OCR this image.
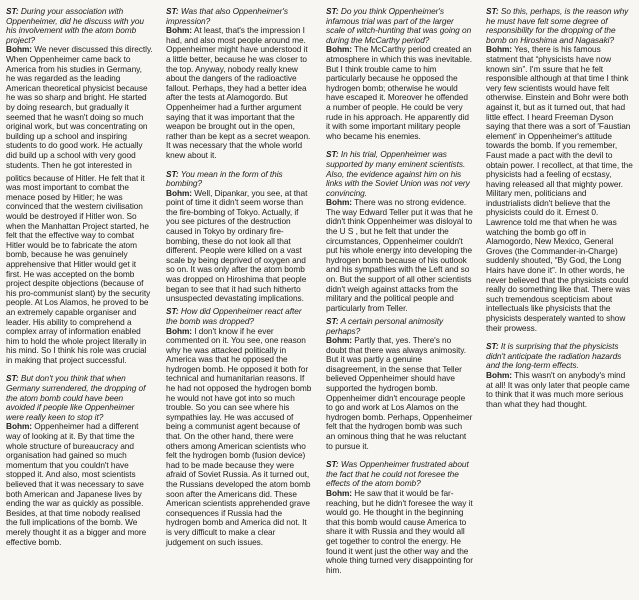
ST: During your association with Oppenheimer, did he discuss with you his involvement with the atom bomb project?

Bohm: We never discussed this directly. When Oppenheimer came back to America from his studies in Germany, he was regarded as the leading American theoretical physicist because he was so sharp and bright. He started by doing research, but gradually it seemed that he wasn't doing so much original work, but was concentrating on building up a school and inspiring students to do good work. He actually did build up a school with very good students. Then he got interested in

politics because of Hitler. He felt that it was most important to combat the menace posed by Hitler; he was convinced that the western civilisation would be destroyed if Hitler won. So when the Manhattan Project started, he felt that the effective way to combat Hitler would be to fabricate the atom bomb, because he was genuinely apprehensive that Hitler would get it first. He was accepted on the bomb project despite objections (because of his pro-communist slant) by the security people. At Los Alamos, he proved to be an extremely capable organiser and leader. His ability to comprehend a complex array of information enabled him to hold the whole project literally in his mind. So I think his role was crucial in making that project successful.

ST: But don't you think that when Germany surrendered, the dropping of the atom bomb could have been avoided if people like Oppenheimer were really keen to stop it?

Bohm: Oppenheimer had a different way of looking at it. By that time the whole structure of bureaucracy and organisation had gained so much momentum that you couldn't have stopped it. And also, most scientists believed that it was necessary to save both American and Japanese lives by ending the war as quickly as possible. Besides, at that time nobody realised the full implications of the bomb. We merely thought it as a bigger and more effective bomb.

ST: Was that also Oppenheimer's impression?

Bohm: At least, that's the impression I had, and also most people around me. Oppenheimer might have understood it a little better, because he was closer to the top. Anyway, nobody really knew about the dangers of the radioactive fallout. Perhaps, they had a better idea after the tests at Alamogordo. But Oppenheimer had a further argument saying that it was important that the weapon be brought out in the open, rather than be kept as a secret weapon. It was necessary that the whole world knew about it.

ST: You mean in the form of this bombing?

Bohm: Well, Dipankar, you see, at that point of time it didn't seem worse than the fire-bombing of Tokyo. Actually, if you see pictures of the destruction caused in Tokyo by ordinary fire-bombing, these do not look all that different. People were killed on a vast scale by being deprived of oxygen and so on. It was only after the atom bomb was dropped on Hiroshima that people began to see that it had such hitherto unsuspected devastating implications.

ST: How did Oppenheimer react after the bomb was dropped?

Bohm: I don't know if he ever commented on it. You see, one reason why he was attacked politically in America was that he opposed the hydrogen bomb. He opposed it both for technical and humanitarian reasons. If he had not opposed the hydrogen bomb he would not have got into so much trouble. So you can see where his sympathies lay. He was accused of being a communist agent because of that. On the other hand, there were others among American scientists who felt the hydrogen bomb (fusion device) had to be made because they were afraid of Soviet Russia. As it turned out, the Russians developed the atom bomb soon after the Americans did. These American scientists apprehended grave consequences if Russia had the hydrogen bomb and America did not. It is very difficult to make a clear judgement on such issues.

ST: Do you think Oppenheimer's infamous trial was part of the larger scale of witch-hunting that was going on during the McCarthy period?

Bohm: The McCarthy period created an atmosphere in which this was inevitable. But I think trouble came to him particularly because he opposed the hydrogen bomb; otherwise he would have escaped it. Moreover he offended a number of people. He could be very rude in his approach. He apparently did it with some important military people who became his enemies.

ST: In his trial, Oppenheimer was supported by many eminent scientists. Also, the evidence against him on his links with the Soviet Union was not very convincing.

Bohm: There was no strong evidence. The way Edward Teller put it was that he didn't think Oppenheimer was disloyal to the U S , but he felt that under the circumstances, Oppenheimer couldn't put his whole energy into developing the hydrogen bomb because of his outlook and his sympathies with the Left and so on. But the support of all other scientists didn't weigh against attacks from the military and the political people and particularly from Teller.

ST: A certain personal animosity perhaps?

Bohm: Partly that, yes. There's no doubt that there was always animosity. But it was partly a genuine disagreement, in the sense that Teller believed Oppenheimer should have supported the hydrogen bomb. Oppenheimer didn't encourage people to go and work at Los Alamos on the hydrogen bomb. Perhaps, Oppenheimer felt that the hydrogen bomb was such an ominous thing that he was reluctant to pursue it.

ST: Was Oppenheimer frustrated about the fact that he could not foresee the effects of the atom bomb?

Bohm: He saw that it would be far-reaching, but he didn't foresee the way it would go. He thought in the beginning that this bomb would cause America to share it with Russia and they would all get together to control the energy. He found it went just the other way and the whole thing turned very disappointing for him.

ST: So this, perhaps, is the reason why he must have felt some degree of responsibility for the dropping of the bomb on Hiroshima and Nagasaki?

Bohm: Yes, there is his famous statment that “physicists have now known sin”. I'm ssure that he felt responsible although at that time I think very few scientists would have felt otherwise. Einstein and Bohr were both against it, but as it turned out, that had little effect. I heard Freeman Dyson saying that there was a sort of 'Faustian element' in Oppenheimer's attitude towards the bomb. If you remember, Faust made a pact with the devil to obtain power. I recollect, at that time, the physicists had a feeling of ecstasy, having released all that mighty power. Military men, politicians and industrialists didn't believe that the physicists could do it. Ernest 0. Lawrence told me that when he was watching the bomb go off in Alamogordo, New Mexico, General Groves (the Commander-in-Charge) suddenly shouted, “By God, the Long Hairs have done it”. In other words, he never believed that the physicists could really do something like that. There was such tremendous scepticism about intellectuals like physicists that the physicists desperately wanted to show their prowess.

ST: It is surprising that the physicists didn't anticipate the radiation hazards and the long-term effects.

Bohm: This wasn't on anybody's mind at all! It was only later that people came to think that it was much more serious than what they had thought.
